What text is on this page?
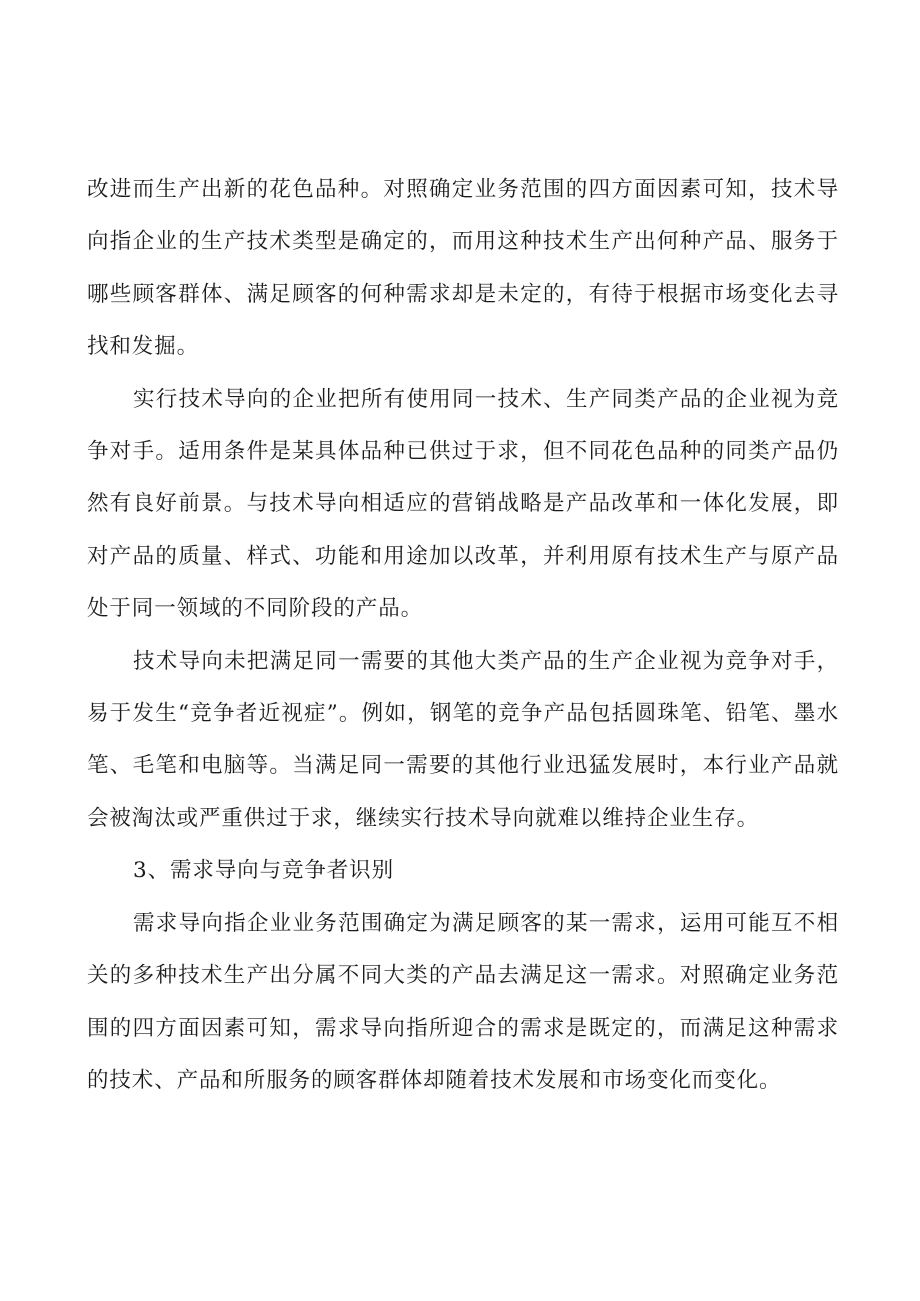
改进而生产出新的花色品种。对照确定业务范围的四方面因素可知，技术导向指企业的生产技术类型是确定的，而用这种技术生产出何种产品、服务于哪些顾客群体、满足顾客的何种需求却是未定的，有待于根据市场变化去寻找和发掘。

实行技术导向的企业把所有使用同一技术、生产同类产品的企业视为竞争对手。适用条件是某具体品种已供过于求，但不同花色品种的同类产品仍然有良好前景。与技术导向相适应的营销战略是产品改革和一体化发展，即对产品的质量、样式、功能和用途加以改革，并利用原有技术生产与原产品处于同一领域的不同阶段的产品。

技术导向未把满足同一需要的其他大类产品的生产企业视为竞争对手，易于发生“竞争者近视症”。例如，钢笔的竞争产品包括圆珠笔、铅笔、墨水笔、毛笔和电脑等。当满足同一需要的其他行业迅猛发展时，本行业产品就会被淘汰或严重供过于求，继续实行技术导向就难以维持企业生存。

3、需求导向与竞争者识别

需求导向指企业业务范围确定为满足顾客的某一需求，运用可能互不相关的多种技术生产出分属不同大类的产品去满足这一需求。对照确定业务范围的四方面因素可知，需求导向指所迎合的需求是既定的，而满足这种需求的技术、产品和所服务的顾客群体却随着技术发展和市场变化而变化。
